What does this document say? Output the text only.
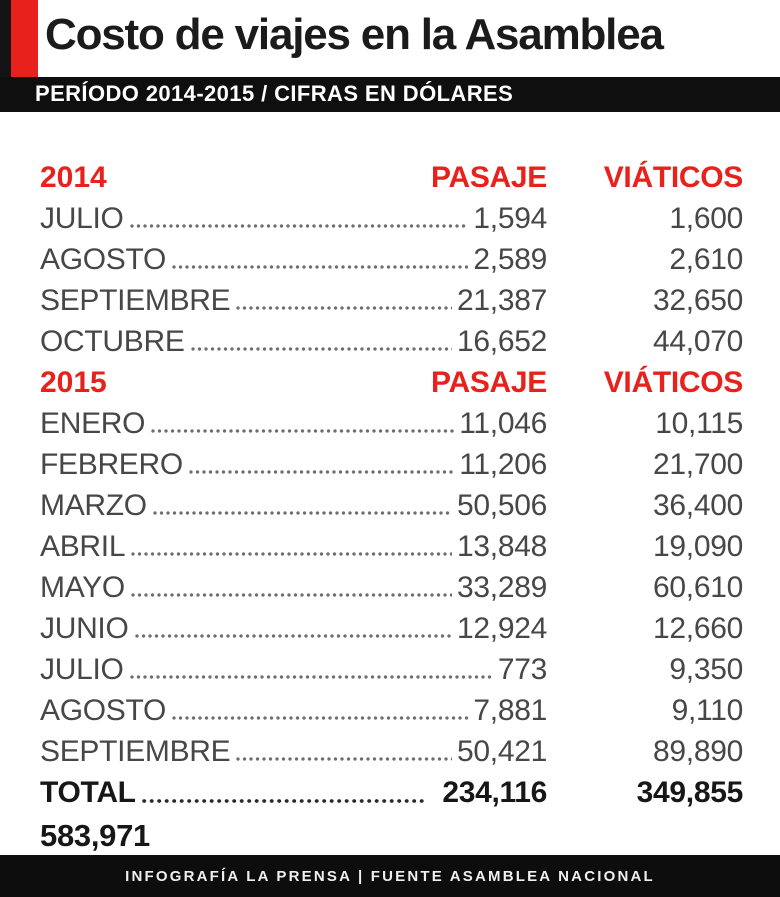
Costo de viajes en la Asamblea
PERÍODO 2014-2015 / CIFRAS EN DÓLARES
2014	PASAJE	VIÁTICOS
JULIO	1,594	1,600
AGOSTO	2,589	2,610
SEPTIEMBRE	21,387	32,650
OCTUBRE	16,652	44,070
2015	PASAJE	VIÁTICOS
ENERO	11,046	10,115
FEBRERO	11,206	21,700
MARZO	50,506	36,400
ABRIL	13,848	19,090
MAYO	33,289	60,610
JUNIO	12,924	12,660
JULIO	773	9,350
AGOSTO	7,881	9,110
SEPTIEMBRE	50,421	89,890
TOTAL	234,116	349,855
583,971
INFOGRAFÍA LA PRENSA | FUENTE ASAMBLEA NACIONAL
